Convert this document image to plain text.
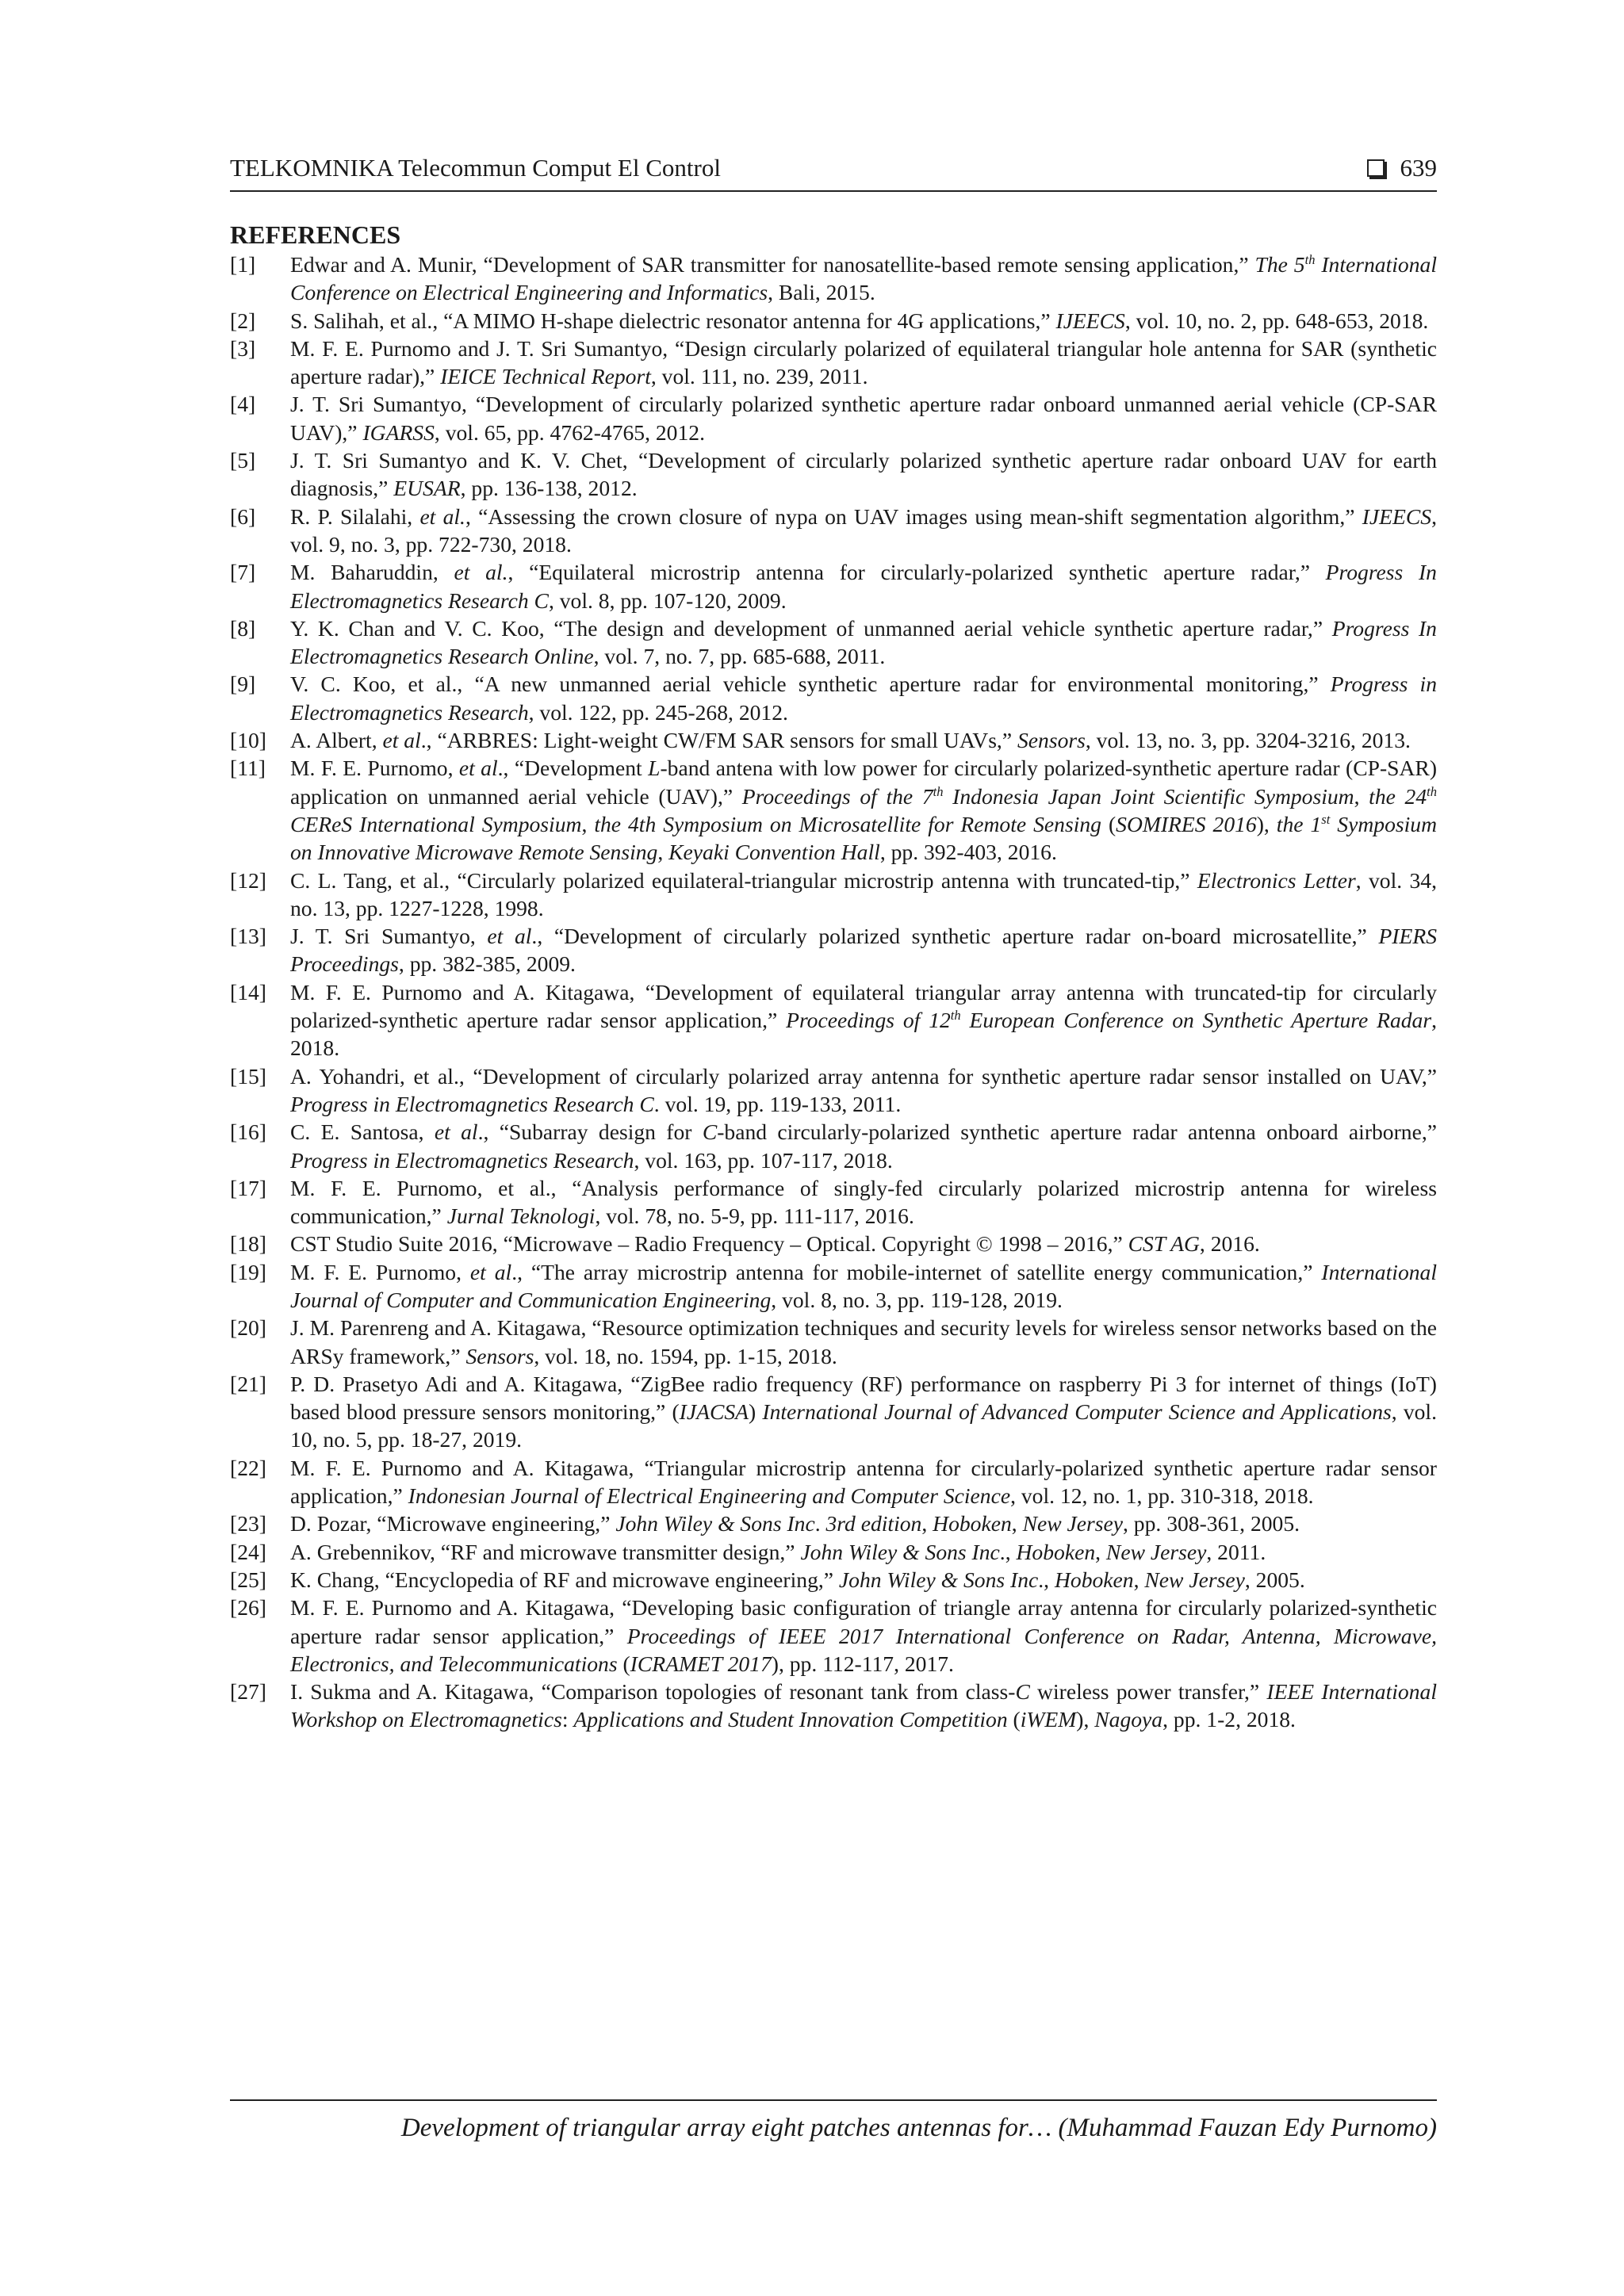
TELKOMNIKA Telecommun Comput El Control	639
REFERENCES
[1]	Edwar and A. Munir, “Development of SAR transmitter for nanosatellite-based remote sensing application,” The 5th International Conference on Electrical Engineering and Informatics, Bali, 2015.
[2]	S. Salihah, et al., “A MIMO H-shape dielectric resonator antenna for 4G applications,” IJEECS, vol. 10, no. 2, pp. 648-653, 2018.
[3]	M. F. E. Purnomo and J. T. Sri Sumantyo, “Design circularly polarized of equilateral triangular hole antenna for SAR (synthetic aperture radar),” IEICE Technical Report, vol. 111, no. 239, 2011.
[4]	J. T. Sri Sumantyo, “Development of circularly polarized synthetic aperture radar onboard unmanned aerial vehicle (CP-SAR UAV),” IGARSS, vol. 65, pp. 4762-4765, 2012.
[5]	J. T. Sri Sumantyo and K. V. Chet, “Development of circularly polarized synthetic aperture radar onboard UAV for earth diagnosis,” EUSAR, pp. 136-138, 2012.
[6]	R. P. Silalahi, et al., “Assessing the crown closure of nypa on UAV images using mean-shift segmentation algorithm,” IJEECS, vol. 9, no. 3, pp. 722-730, 2018.
[7]	M. Baharuddin, et al., “Equilateral microstrip antenna for circularly-polarized synthetic aperture radar,” Progress In Electromagnetics Research C, vol. 8, pp. 107-120, 2009.
[8]	Y. K. Chan and V. C. Koo, “The design and development of unmanned aerial vehicle synthetic aperture radar,” Progress In Electromagnetics Research Online, vol. 7, no. 7, pp. 685-688, 2011.
[9]	V. C. Koo, et al., “A new unmanned aerial vehicle synthetic aperture radar for environmental monitoring,” Progress in Electromagnetics Research, vol. 122, pp. 245-268, 2012.
[10]	A. Albert, et al., “ARBRES: Light-weight CW/FM SAR sensors for small UAVs,” Sensors, vol. 13, no. 3, pp. 3204-3216, 2013.
[11]	M. F. E. Purnomo, et al., “Development L-band antena with low power for circularly polarized-synthetic aperture radar (CP-SAR) application on unmanned aerial vehicle (UAV),” Proceedings of the 7th Indonesia Japan Joint Scientific Symposium, the 24th CEReS International Symposium, the 4th Symposium on Microsatellite for Remote Sensing (SOMIRES 2016), the 1st Symposium on Innovative Microwave Remote Sensing, Keyaki Convention Hall, pp. 392-403, 2016.
[12]	C. L. Tang, et al., “Circularly polarized equilateral-triangular microstrip antenna with truncated-tip,” Electronics Letter, vol. 34, no. 13, pp. 1227-1228, 1998.
[13]	J. T. Sri Sumantyo, et al., “Development of circularly polarized synthetic aperture radar on-board microsatellite,” PIERS Proceedings, pp. 382-385, 2009.
[14]	M. F. E. Purnomo and A. Kitagawa, “Development of equilateral triangular array antenna with truncated-tip for circularly polarized-synthetic aperture radar sensor application,” Proceedings of 12th European Conference on Synthetic Aperture Radar, 2018.
[15]	A. Yohandri, et al., “Development of circularly polarized array antenna for synthetic aperture radar sensor installed on UAV,” Progress in Electromagnetics Research C. vol. 19, pp. 119-133, 2011.
[16]	C. E. Santosa, et al., “Subarray design for C-band circularly-polarized synthetic aperture radar antenna onboard airborne,” Progress in Electromagnetics Research, vol. 163, pp. 107-117, 2018.
[17]	M. F. E. Purnomo, et al., “Analysis performance of singly-fed circularly polarized microstrip antenna for wireless communication,” Jurnal Teknologi, vol. 78, no. 5-9, pp. 111-117, 2016.
[18]	CST Studio Suite 2016, “Microwave – Radio Frequency – Optical. Copyright © 1998 – 2016,” CST AG, 2016.
[19]	M. F. E. Purnomo, et al., “The array microstrip antenna for mobile-internet of satellite energy communication,” International Journal of Computer and Communication Engineering, vol. 8, no. 3, pp. 119-128, 2019.
[20]	J. M. Parenreng and A. Kitagawa, “Resource optimization techniques and security levels for wireless sensor networks based on the ARSy framework,” Sensors, vol. 18, no. 1594, pp. 1-15, 2018.
[21]	P. D. Prasetyo Adi and A. Kitagawa, “ZigBee radio frequency (RF) performance on raspberry Pi 3 for internet of things (IoT) based blood pressure sensors monitoring,” (IJACSA) International Journal of Advanced Computer Science and Applications, vol. 10, no. 5, pp. 18-27, 2019.
[22]	M. F. E. Purnomo and A. Kitagawa, “Triangular microstrip antenna for circularly-polarized synthetic aperture radar sensor application,” Indonesian Journal of Electrical Engineering and Computer Science, vol. 12, no. 1, pp. 310-318, 2018.
[23]	D. Pozar, “Microwave engineering,” John Wiley & Sons Inc. 3rd edition, Hoboken, New Jersey, pp. 308-361, 2005.
[24]	A. Grebennikov, “RF and microwave transmitter design,” John Wiley & Sons Inc., Hoboken, New Jersey, 2011.
[25]	K. Chang, “Encyclopedia of RF and microwave engineering,” John Wiley & Sons Inc., Hoboken, New Jersey, 2005.
[26]	M. F. E. Purnomo and A. Kitagawa, “Developing basic configuration of triangle array antenna for circularly polarized-synthetic aperture radar sensor application,” Proceedings of IEEE 2017 International Conference on Radar, Antenna, Microwave, Electronics, and Telecommunications (ICRAMET 2017), pp. 112-117, 2017.
[27]	I. Sukma and A. Kitagawa, “Comparison topologies of resonant tank from class-C wireless power transfer,” IEEE International Workshop on Electromagnetics: Applications and Student Innovation Competition (iWEM), Nagoya, pp. 1-2, 2018.
Development of triangular array eight patches antennas for… (Muhammad Fauzan Edy Purnomo)
